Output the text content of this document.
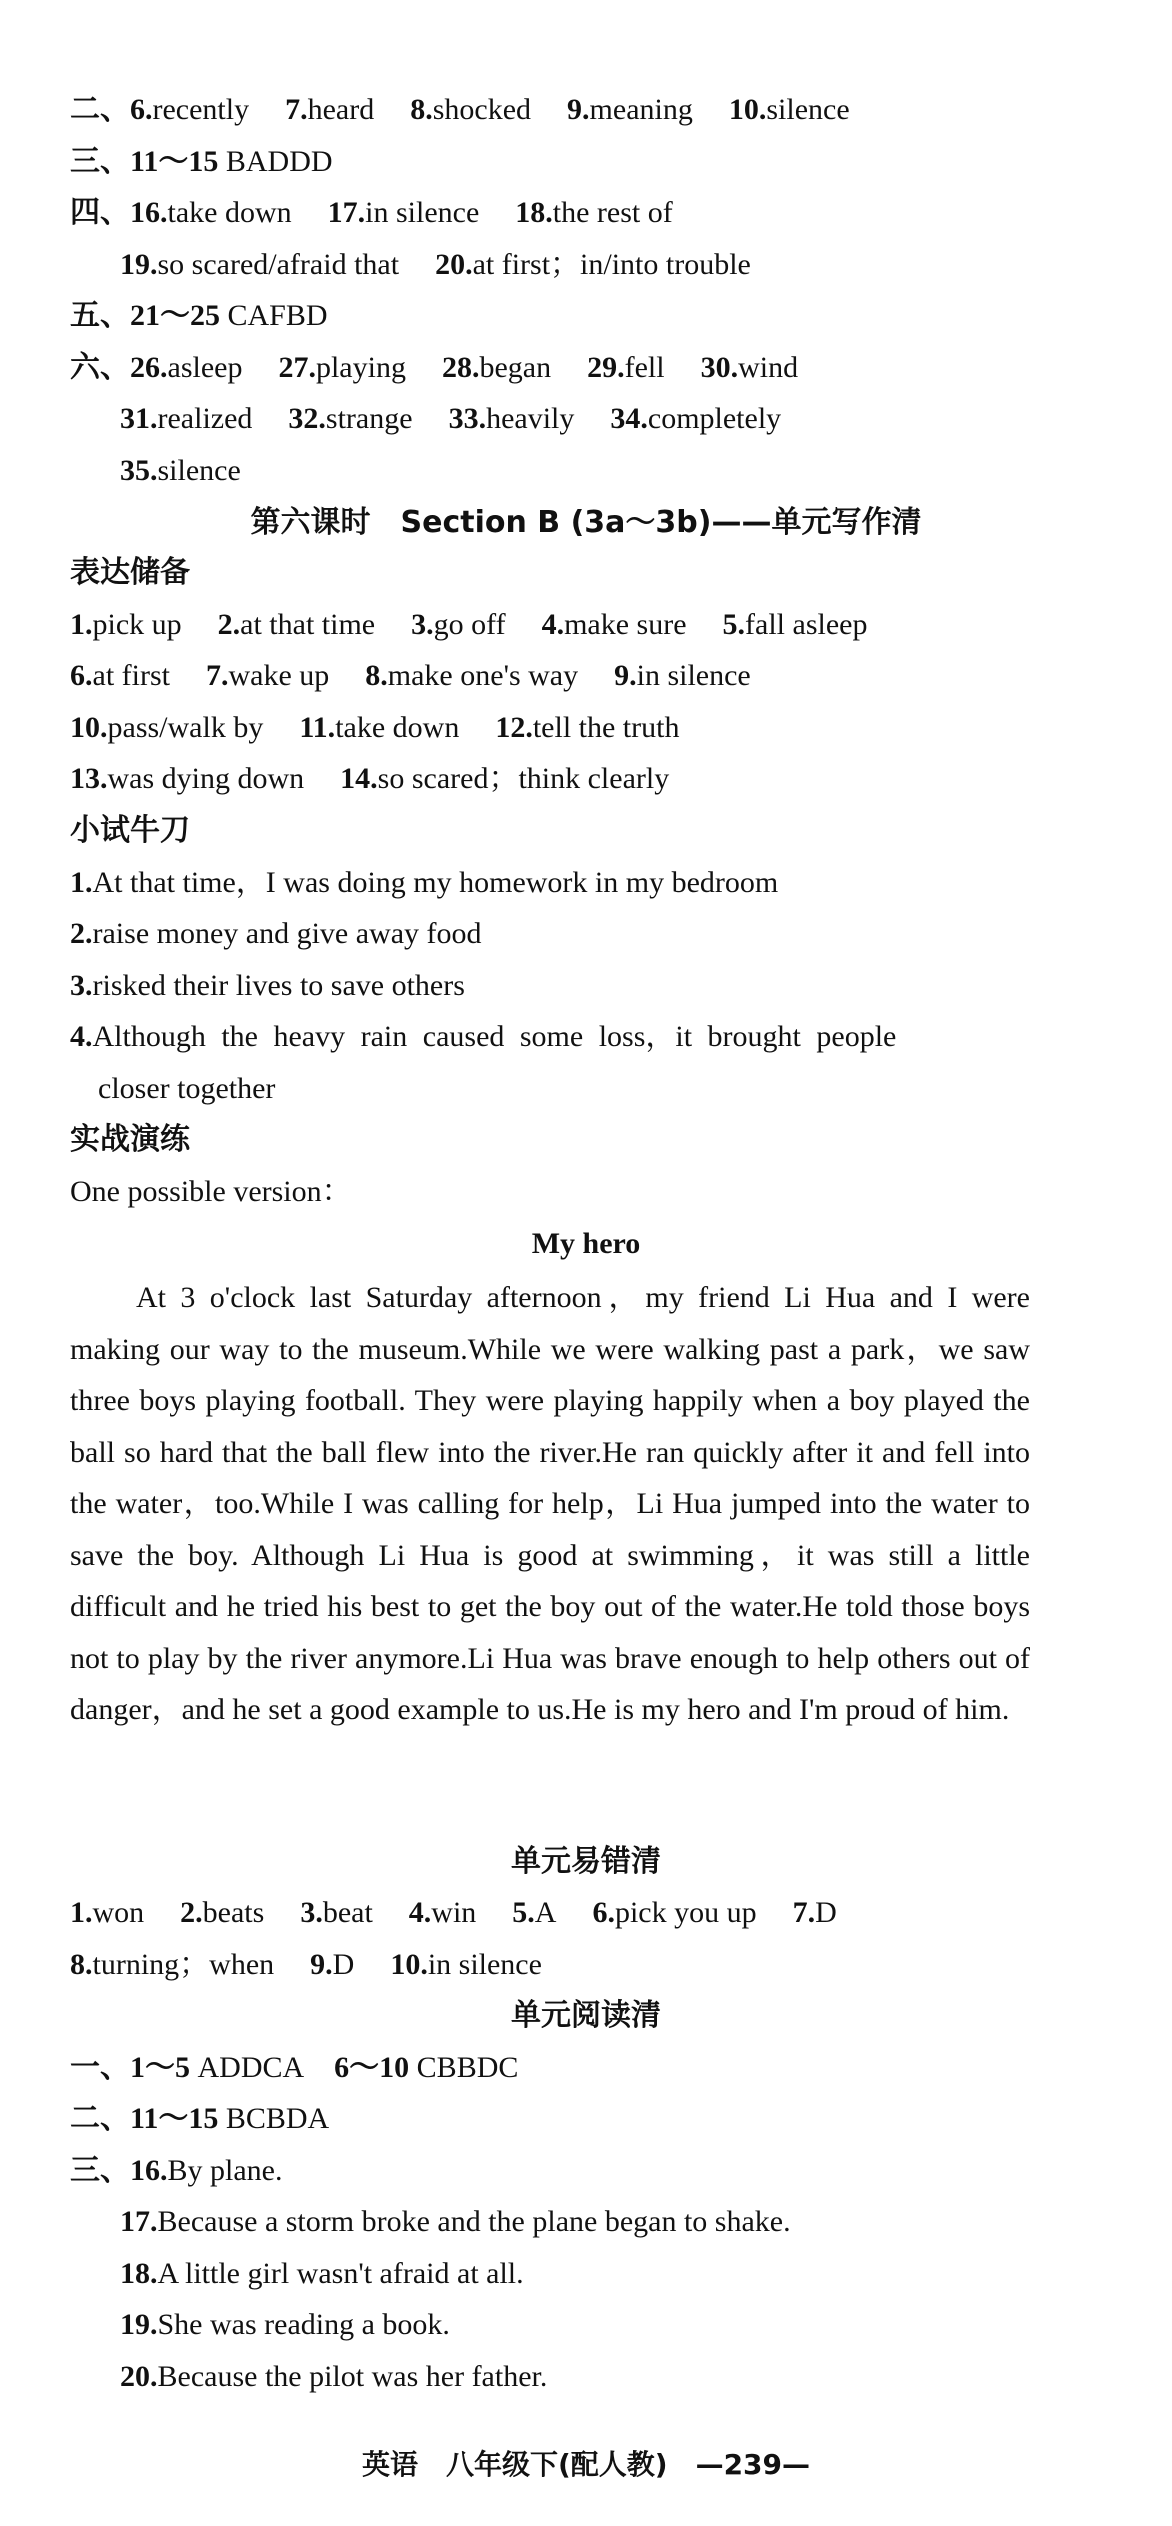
二、6.recently 7.heard 8.shocked 9.meaning 10.silence
三、11～15 BADDD
四、16.take down 17.in silence 18.the rest of
19.so scared/afraid that 20.at first；in/into trouble
五、21～25 CAFBD
六、26.asleep 27.playing 28.began 29.fell 30.wind
31.realized 32.strange 33.heavily 34.completely
35.silence
第六课时　Section B (3a～3b)——单元写作清
表达储备
1.pick up 2.at that time 3.go off 4.make sure 5.fall asleep
6.at first 7.wake up 8.make one's way 9.in silence
10.pass/walk by 11.take down 12.tell the truth
13.was dying down 14.so scared；think clearly
小试牛刀
1.At that time，I was doing my homework in my bedroom
2.raise money and give away food
3.risked their lives to save others
4.Although the heavy rain caused some loss，it brought people
closer together
实战演练
One possible version：
My hero
At 3 o'clock last Saturday afternoon，my friend Li Hua and I were making our way to the museum.While we were walking past a park，we saw three boys playing football. They were playing happily when a boy played the ball so hard that the ball flew into the river.He ran quickly after it and fell into the water，too.While I was calling for help，Li Hua jumped into the water to save the boy. Although Li Hua is good at swimming，it was still a little difficult and he tried his best to get the boy out of the water.He told those boys not to play by the river anymore.Li Hua was brave enough to help others out of danger，and he set a good example to us.He is my hero and I'm proud of him.
单元易错清
1.won 2.beats 3.beat 4.win 5.A 6.pick you up 7.D
8.turning；when 9.D 10.in silence
单元阅读清
一、1～5 ADDCA 6～10 CBBDC
二、11～15 BCBDA
三、16.By plane.
17.Because a storm broke and the plane began to shake.
18.A little girl wasn't afraid at all.
19.She was reading a book.
20.Because the pilot was her father.
英语　八年级下(配人教)　—239—
